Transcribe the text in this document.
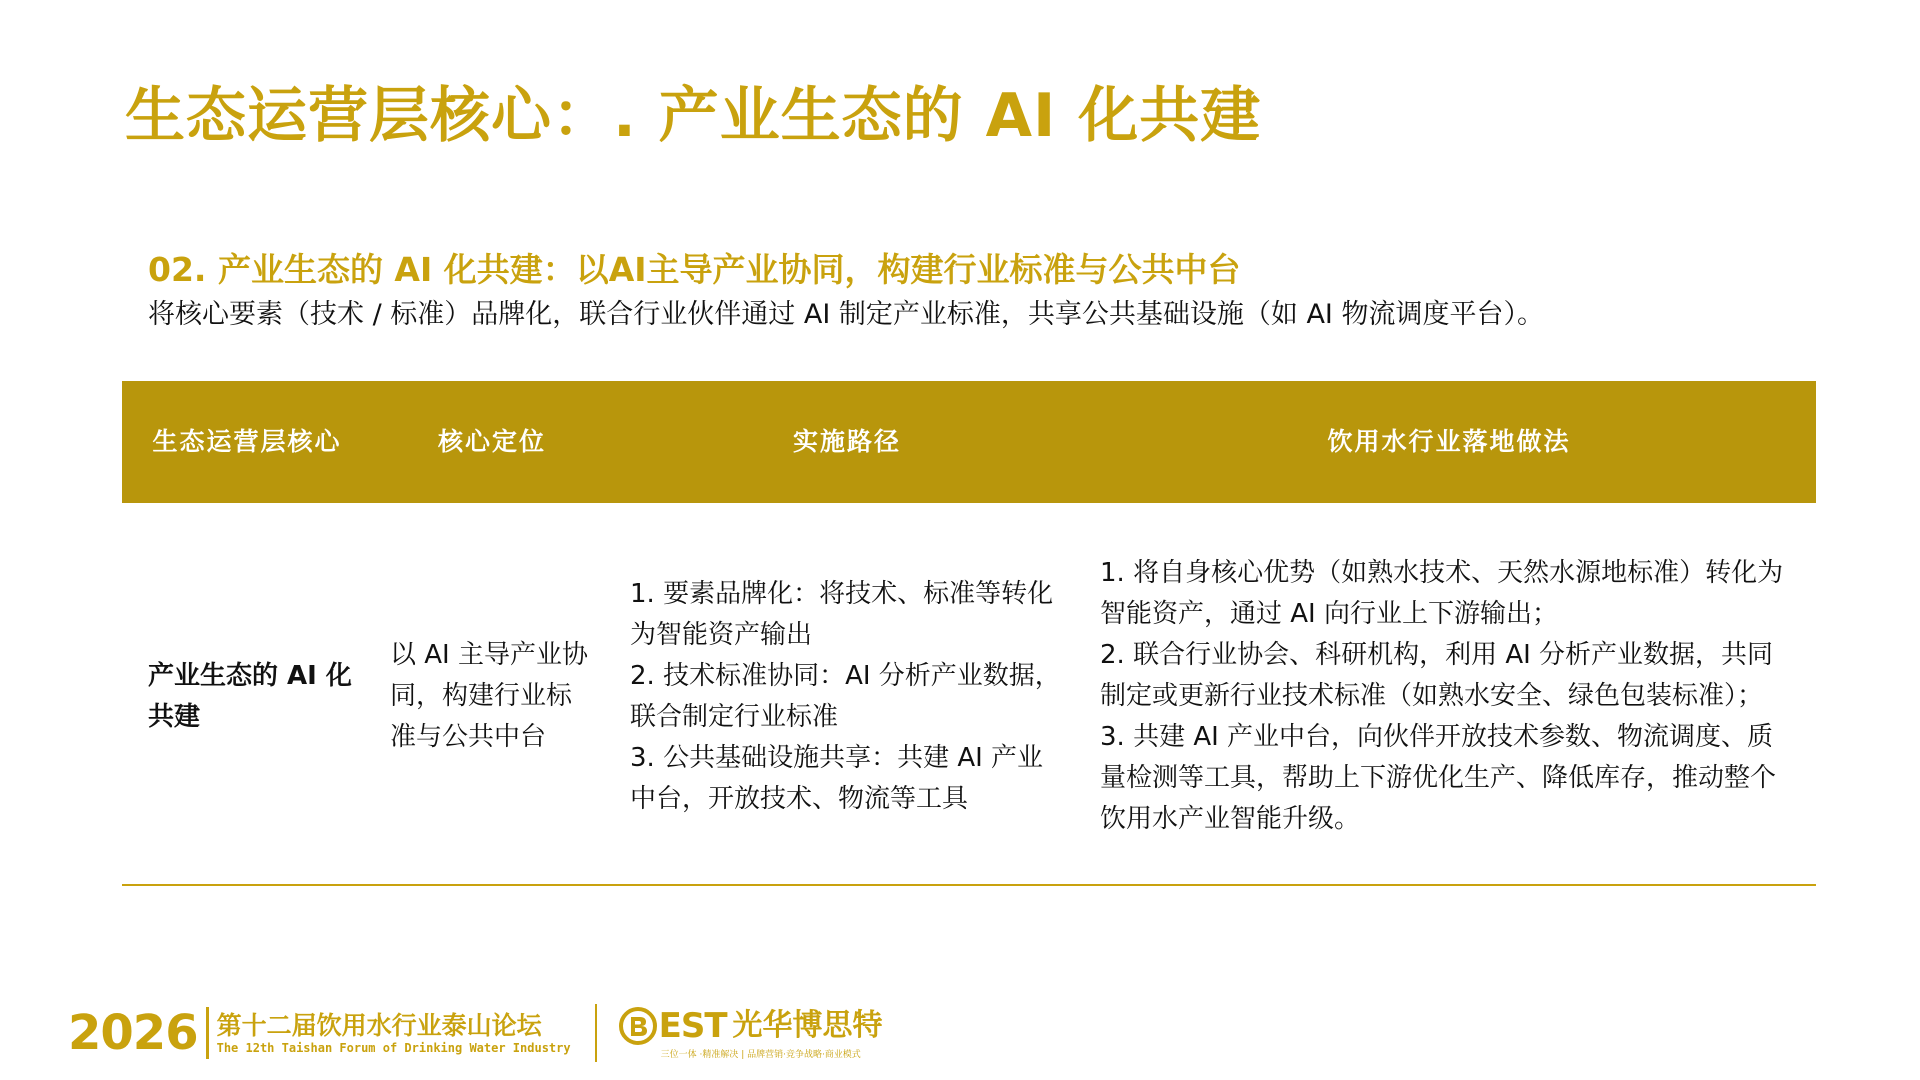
生态运营层核心：. 产业生态的 AI 化共建
02. 产业生态的 AI 化共建：以AI主导产业协同，构建行业标准与公共中台
将核心要素（技术 / 标准）品牌化，联合行业伙伴通过 AI 制定产业标准，共享公共基础设施（如 AI 物流调度平台）。
生态运营层核心	核心定位	实施路径	饮用水行业落地做法
产业生态的 AI 化共建	以 AI 主导产业协同，构建行业标准与公共中台	1. 要素品牌化：将技术、标准等转化为智能资产输出
2. 技术标准协同：AI 分析产业数据，联合制定行业标准
3. 公共基础设施共享：共建 AI 产业中台，开放技术、物流等工具	1. 将自身核心优势（如熟水技术、天然水源地标准）转化为智能资产，通过 AI 向行业上下游输出；
2. 联合行业协会、科研机构，利用 AI 分析产业数据，共同制定或更新行业技术标准（如熟水安全、绿色包装标准）；
3. 共建 AI 产业中台，向伙伴开放技术参数、物流调度、质量检测等工具，帮助上下游优化生产、降低库存，推动整个饮用水产业智能升级。
2026 第十二届饮用水行业泰山论坛
The 12th Taishan Forum of Drinking Water Industry
EST 光华博思特
三位一体 ·精准解决 | 品牌营销·竞争战略·商业模式
